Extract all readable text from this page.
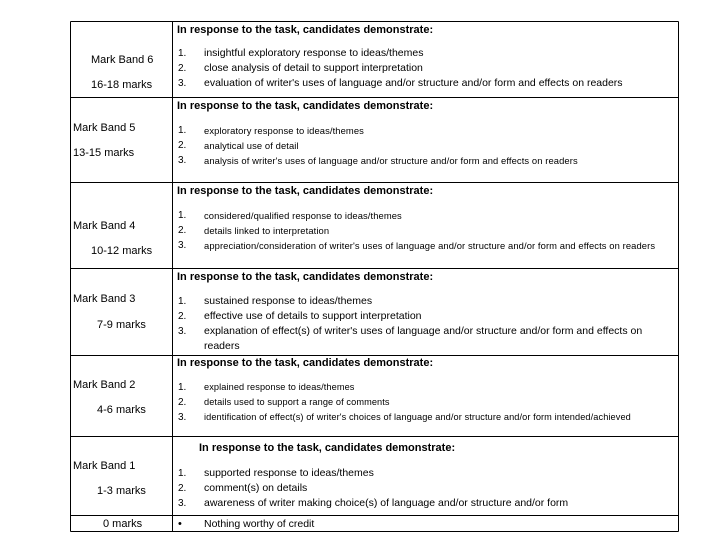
In response to the task, candidates demonstrate:
Mark Band 6
16-18 marks
1.
2.
3.
insightful exploratory response to ideas/themes
close analysis of detail to support interpretation
evaluation of writer's uses of language and/or structure and/or form and effects on readers
In response to the task, candidates demonstrate:
Mark Band 5
13-15 marks
1.
2.
3.
exploratory response to ideas/themes
analytical use of detail
analysis of writer's uses of language and/or structure and/or form and effects on readers
In response to the task, candidates demonstrate:
Mark Band 4
10-12 marks
1.
2.
3.
considered/qualified response to ideas/themes
details linked to interpretation
appreciation/consideration of writer's uses of language and/or structure and/or form and effects on readers
In response to the task, candidates demonstrate:
Mark Band 3
7-9 marks
1.
2.
3.
sustained response to ideas/themes
effective use of details to support interpretation
explanation of effect(s) of writer's uses of language and/or structure and/or form and effects on readers
In response to the task, candidates demonstrate:
Mark Band 2
4-6 marks
1.
2.
3.
explained response to ideas/themes
details used to support a range of comments
identification of effect(s) of writer's choices of language and/or structure and/or form intended/achieved
In response to the task, candidates demonstrate:
Mark Band 1
1-3 marks
1.
2.
3.
supported response to ideas/themes
comment(s) on details
awareness of writer making choice(s) of language and/or structure and/or form
0 marks	• Nothing worthy of credit
